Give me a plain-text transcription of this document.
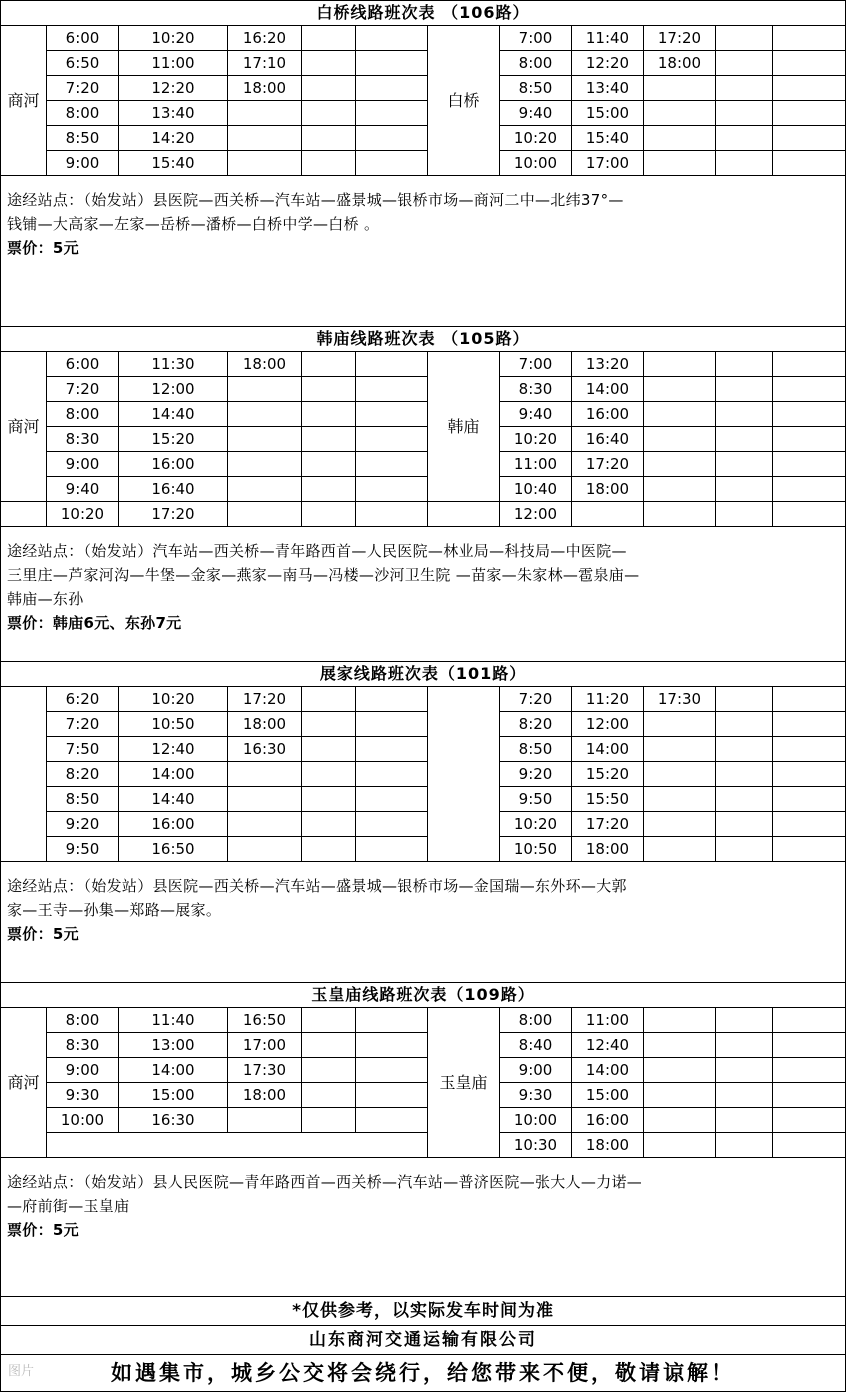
白桥线路班次表 （106路）											
商河	6:00	10:20	16:20			白桥	7:00	11:40	17:20		
	6:50	11:00	17:10				8:00	12:20	18:00		
	7:20	12:20	18:00				8:50	13:40			
	8:00	13:40					9:40	15:00			
	8:50	14:20					10:20	15:40			
	9:00	15:40					10:00	17:00			

途经站点：（始发站）县医院—西关桥—汽车站—盛景城—银桥市场—商河二中—北纬37°—
钱铺—大高家—左家—岳桥—潘桥—白桥中学—白桥 。
票价：5元											

韩庙线路班次表 （105路）											
商河	6:00	11:30	18:00			韩庙	7:00	13:20			
	7:20	12:00					8:30	14:00			
	8:00	14:40					9:40	16:00			
	8:30	15:20					10:20	16:40			
	9:00	16:00					11:00	17:20			
	9:40	16:40					10:40	18:00			
	10:20	17:20					12:00				

途经站点：（始发站）汽车站—西关桥—青年路西首—人民医院—林业局—科技局—中医院—
三里庄—芦家河沟—牛堡—金家—燕家—南马—冯楼—沙河卫生院 —苗家—朱家林—雹泉庙—
韩庙—东孙
票价：韩庙6元、东孙7元											

展家线路班次表（101路）											
	6:20	10:20	17:20				7:20	11:20	17:30		
	7:20	10:50	18:00				8:20	12:00			
	7:50	12:40	16:30				8:50	14:00			
	8:20	14:00					9:20	15:20			
	8:50	14:40					9:50	15:50			
	9:20	16:00					10:20	17:20			
	9:50	16:50					10:50	18:00			

途经站点：（始发站）县医院—西关桥—汽车站—盛景城—银桥市场—金国瑞—东外环—大郭
家—王寺—孙集—郑路—展家。
票价：5元											

玉皇庙线路班次表（109路）											
商河	8:00	11:40	16:50			玉皇庙	8:00	11:00			
	8:30	13:00	17:00				8:40	12:40			
	9:00	14:00	17:30				9:00	14:00			
	9:30	15:00	18:00				9:30	15:00			
	10:00	16:30					10:00	16:00			
							10:30	18:00			

途经站点：（始发站）县人民医院—青年路西首—西关桥—汽车站—普济医院—张大人—力诺—
—府前街—玉皇庙
票价：5元											

*仅供参考，以实际发车时间为准											
山东商河交通运输有限公司											
如遇集市，城乡公交将会绕行，给您带来不便，敬请谅解！											
图片
